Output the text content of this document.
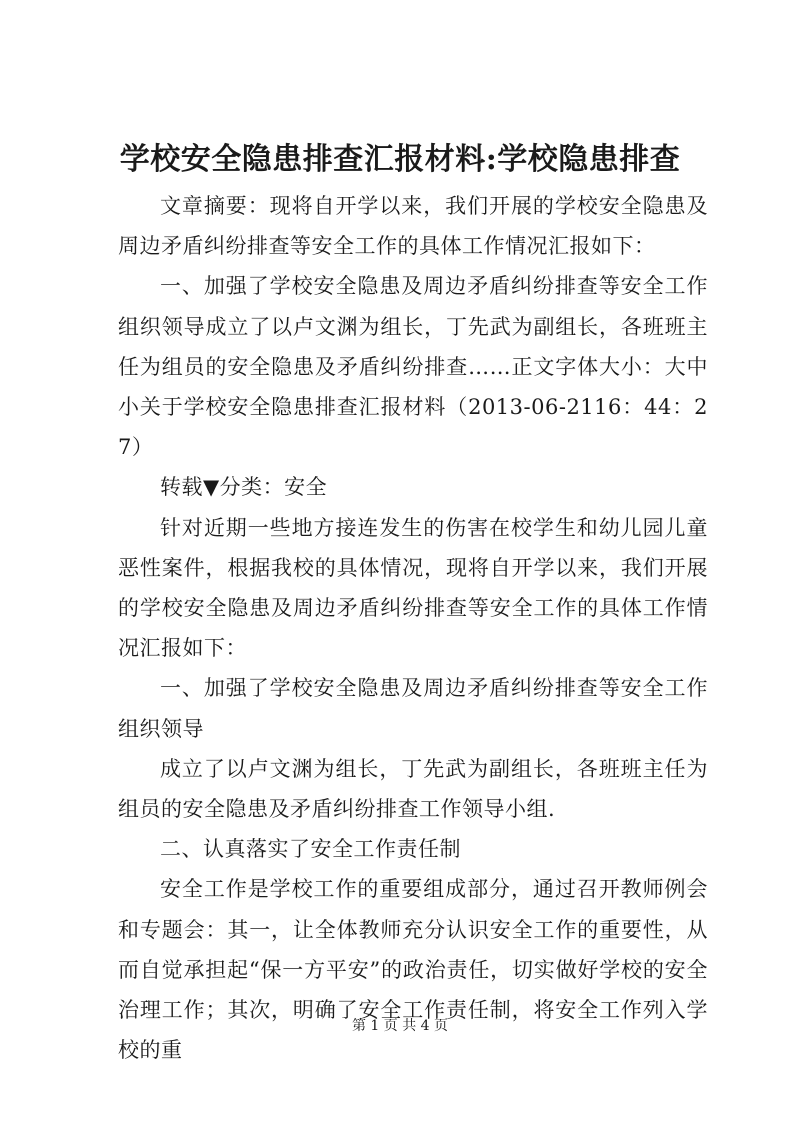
学校安全隐患排查汇报材料:学校隐患排查

文章摘要：现将自开学以来，我们开展的学校安全隐患及周边矛盾纠纷排查等安全工作的具体工作情况汇报如下：

一、加强了学校安全隐患及周边矛盾纠纷排查等安全工作组织领导成立了以卢文渊为组长，丁先武为副组长，各班班主任为组员的安全隐患及矛盾纠纷排查……正文字体大小：大中小关于学校安全隐患排查汇报材料（2013-06-2116：44：27）

转载▼分类：安全

针对近期一些地方接连发生的伤害在校学生和幼儿园儿童恶性案件，根据我校的具体情况，现将自开学以来，我们开展的学校安全隐患及周边矛盾纠纷排查等安全工作的具体工作情况汇报如下：

一、加强了学校安全隐患及周边矛盾纠纷排查等安全工作组织领导

成立了以卢文渊为组长，丁先武为副组长，各班班主任为组员的安全隐患及矛盾纠纷排查工作领导小组.

二、认真落实了安全工作责任制

安全工作是学校工作的重要组成部分，通过召开教师例会和专题会：其一，让全体教师充分认识安全工作的重要性，从而自觉承担起“保一方平安”的政治责任，切实做好学校的安全治理工作；其次，明确了安全工作责任制，将安全工作列入学校的重

第 1 页 共 4 页
